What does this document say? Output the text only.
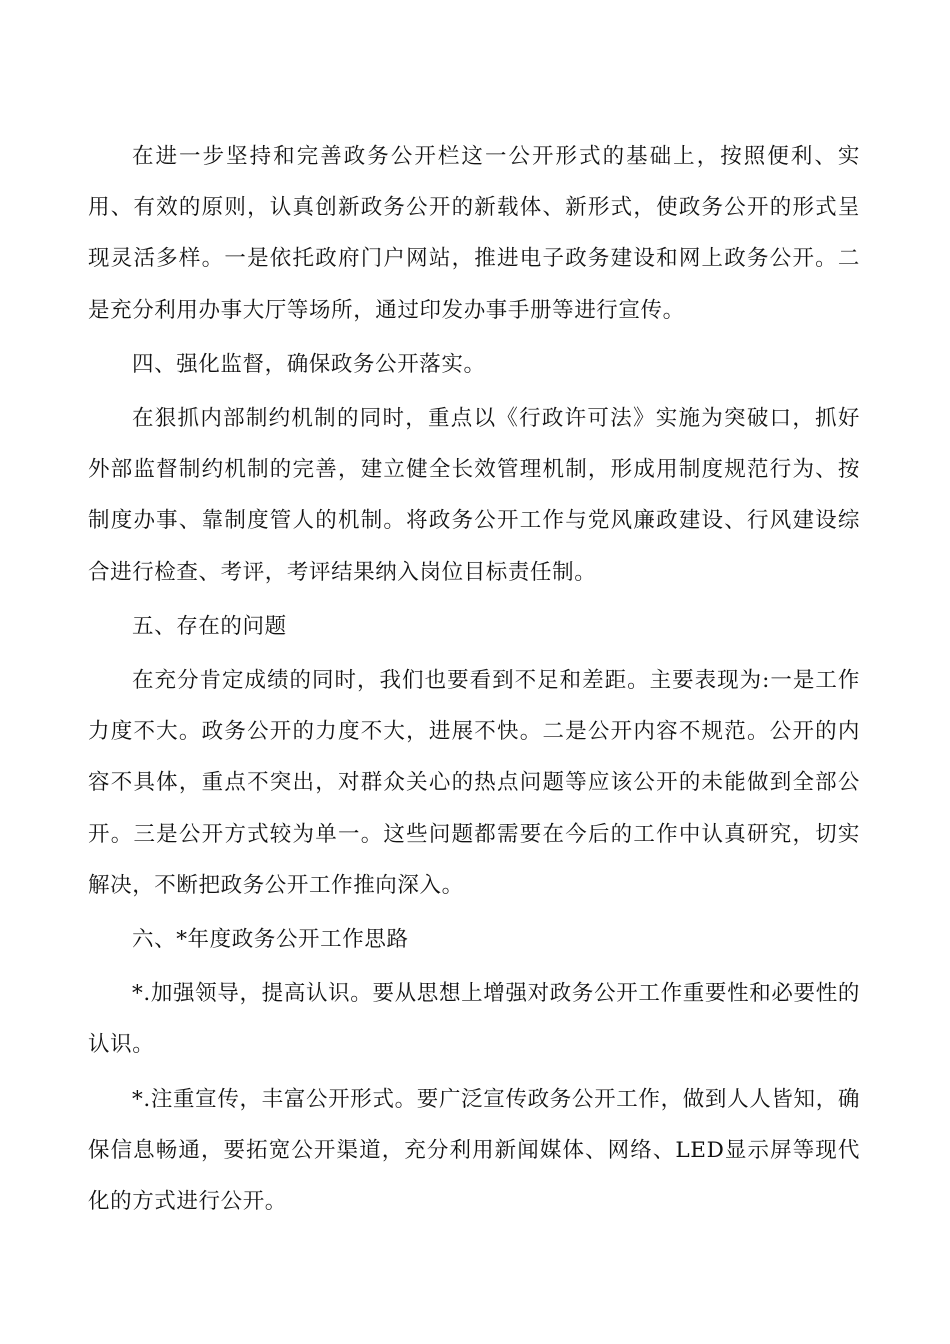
在进一步坚持和完善政务公开栏这一公开形式的基础上，按照便利、实用、有效的原则，认真创新政务公开的新载体、新形式，使政务公开的形式呈现灵活多样。一是依托政府门户网站，推进电子政务建设和网上政务公开。二是充分利用办事大厅等场所，通过印发办事手册等进行宣传。

四、强化监督，确保政务公开落实。

在狠抓内部制约机制的同时，重点以《行政许可法》实施为突破口，抓好外部监督制约机制的完善，建立健全长效管理机制，形成用制度规范行为、按制度办事、靠制度管人的机制。将政务公开工作与党风廉政建设、行风建设综合进行检查、考评，考评结果纳入岗位目标责任制。

五、存在的问题

在充分肯定成绩的同时，我们也要看到不足和差距。主要表现为:一是工作力度不大。政务公开的力度不大，进展不快。二是公开内容不规范。公开的内容不具体，重点不突出，对群众关心的热点问题等应该公开的未能做到全部公开。三是公开方式较为单一。这些问题都需要在今后的工作中认真研究，切实解决，不断把政务公开工作推向深入。

六、*年度政务公开工作思路

*.加强领导，提高认识。要从思想上增强对政务公开工作重要性和必要性的认识。

*.注重宣传，丰富公开形式。要广泛宣传政务公开工作，做到人人皆知，确保信息畅通，要拓宽公开渠道，充分利用新闻媒体、网络、LED显示屏等现代化的方式进行公开。
